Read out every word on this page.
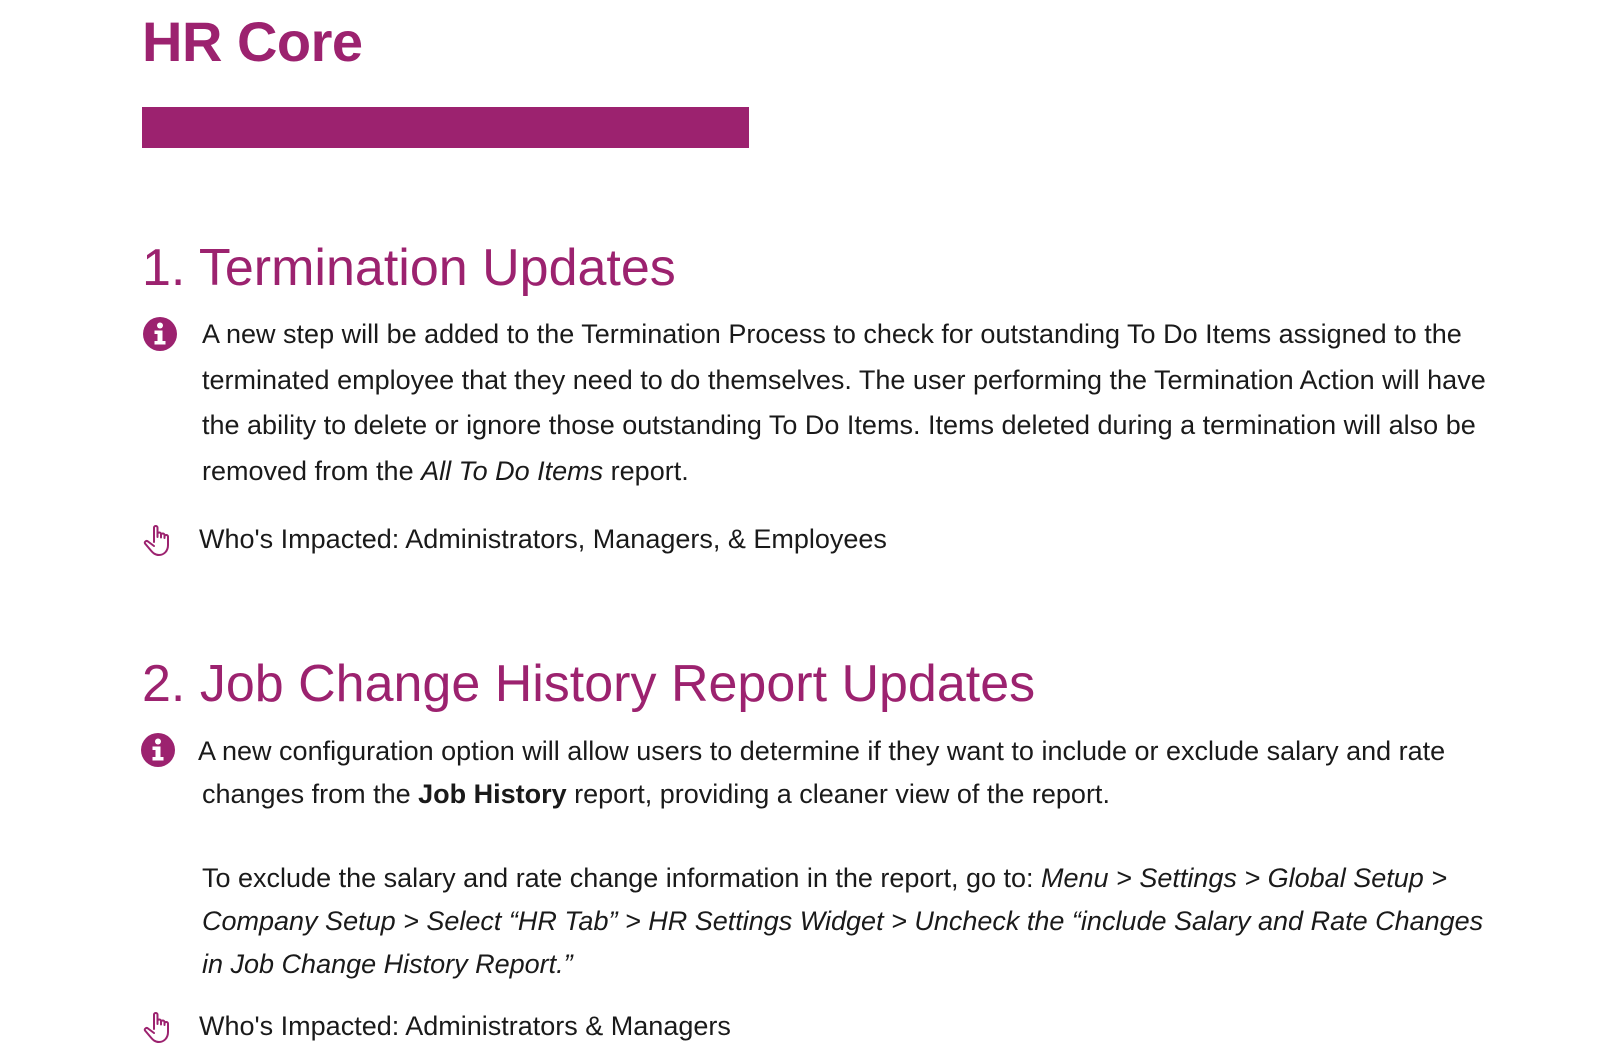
HR Core
1. Termination Updates

A new step will be added to the Termination Process to check for outstanding To Do Items assigned to the terminated employee that they need to do themselves. The user performing the Termination Action will have the ability to delete or ignore those outstanding To Do Items. Items deleted during a termination will also be removed from the All To Do Items report.

Who's Impacted: Administrators, Managers, & Employees

2. Job Change History Report Updates

A new configuration option will allow users to determine if they want to include or exclude salary and rate changes from the Job History report, providing a cleaner view of the report.

To exclude the salary and rate change information in the report, go to: Menu > Settings > Global Setup > Company Setup > Select “HR Tab” > HR Settings Widget > Uncheck the “include Salary and Rate Changes in Job Change History Report.”

Who's Impacted: Administrators & Managers
